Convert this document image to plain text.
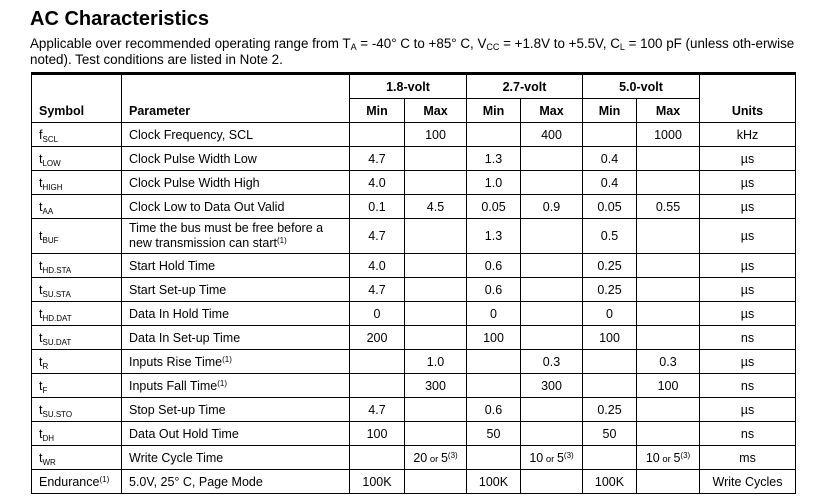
AC Characteristics
Applicable over recommended operating range from $T_A = -40^\circ$ C to +85° C, $V_{CC} = +1.8V$ to +5.5V, $C_L = 100$ pF (unless oth-erwise noted). Test conditions are listed in Note 2.
Symbol	Parameter	1.8-volt		2.7-volt		5.0-volt		Units
		Min	Max	Min	Max	Min	Max	
$f_{SCL}$	Clock Frequency, SCL		100		400		1000	kHz
$t_{LOW}$	Clock Pulse Width Low	4.7		1.3		0.4		µs
$t_{HIGH}$	Clock Pulse Width High	4.0		1.0		0.4		µs
$t_{AA}$	Clock Low to Data Out Valid	0.1	4.5	0.05	0.9	0.05	0.55	µs
$t_{BUF}$	Time the bus must be free before a new transmission can start$^{(1)}$	4.7		1.3		0.5		µs
$t_{HD.STA}$	Start Hold Time	4.0		0.6		0.25		µs
$t_{SU.STA}$	Start Set-up Time	4.7		0.6		0.25		µs
$t_{HD.DAT}$	Data In Hold Time	0		0		0		µs
$t_{SU.DAT}$	Data In Set-up Time	200		100		100		ns
$t_R$	Inputs Rise Time$^{(1)}$		1.0		0.3		0.3	µs
$t_F$	Inputs Fall Time$^{(1)}$		300		300		100	ns
$t_{SU.STO}$	Stop Set-up Time	4.7		0.6		0.25		µs
$t_{DH}$	Data Out Hold Time	100		50		50		ns
$t_{WR}$	Write Cycle Time		20 or 5$^{(3)}$		10 or 5$^{(3)}$		10 or 5$^{(3)}$	ms
Endurance$^{(1)}$	5.0V, 25° C, Page Mode	100K		100K		100K		Write Cycles
